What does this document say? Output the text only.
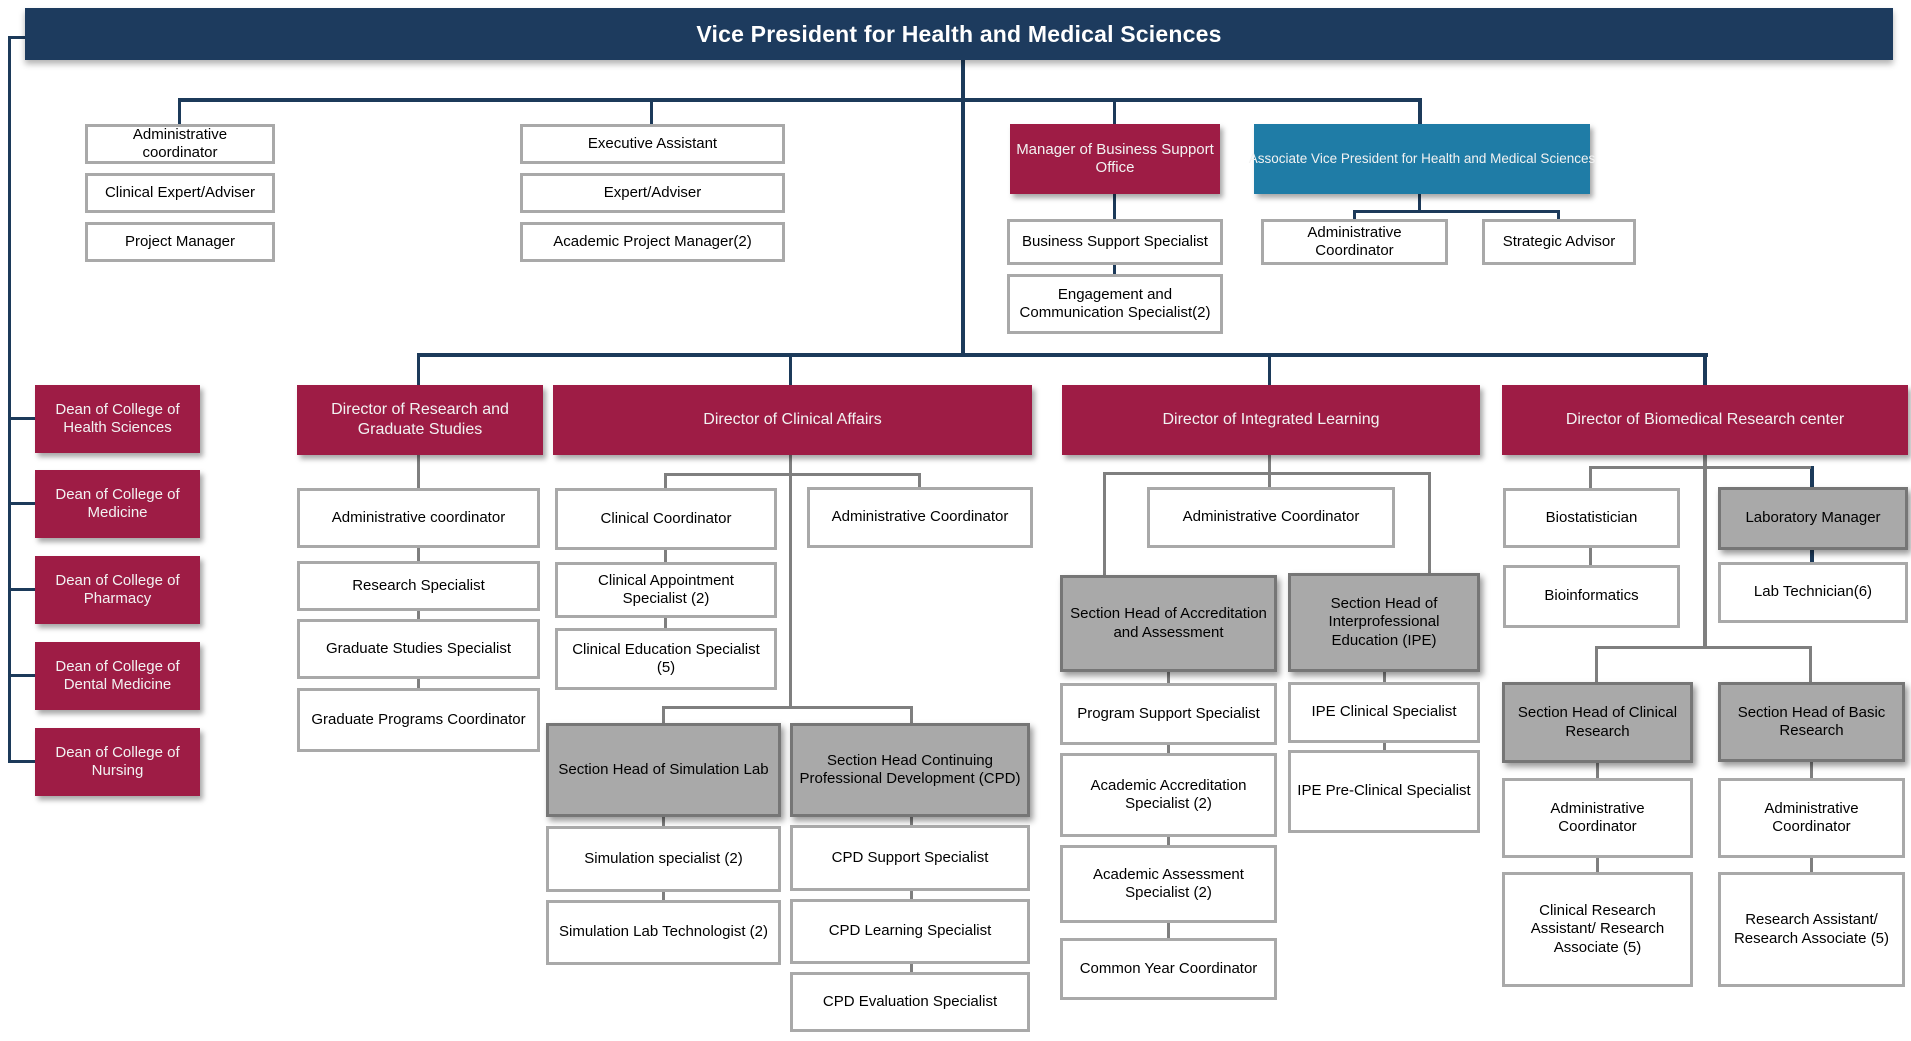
Vice President for Health and Medical Sciences
Administrative coordinator
Clinical Expert/Adviser
Project Manager
Executive Assistant
Expert/Adviser
Academic Project Manager(2)
Manager of Business Support Office
Business Support Specialist
Engagement and Communication Specialist(2)
Associate Vice President for Health and Medical Sciences
Administrative Coordinator
Strategic Advisor
Dean of College of Health Sciences
Dean of College of Medicine
Dean of College of Pharmacy
Dean of College of Dental Medicine
Dean of College of Nursing
Director of Research and Graduate Studies
Director of Clinical Affairs	Director of Integrated Learning	Director of Biomedical Research center
Administrative coordinator
Research Specialist
Graduate Studies Specialist
Graduate Programs Coordinator
Clinical Coordinator	Administrative Coordinator
Clinical Appointment Specialist (2)
Clinical Education Specialist (5)
Section Head of Simulation Lab
Section Head Continuing Professional Development (CPD)
Simulation specialist (2)
Simulation Lab Technologist (2)
CPD Support Specialist
CPD Learning Specialist
CPD Evaluation Specialist
Administrative Coordinator
Section Head of Accreditation and Assessment
Section Head of Interprofessional Education (IPE)
Program Support Specialist
Academic Accreditation Specialist (2)
Academic Assessment Specialist (2)
Common Year Coordinator
IPE Clinical Specialist
IPE Pre-Clinical Specialist
Biostatistician
Bioinformatics
Laboratory Manager
Lab Technician(6)
Section Head of Clinical Research
Section Head of Basic Research
Administrative Coordinator
Administrative Coordinator
Clinical Research Assistant/ Research Associate (5)
Research Assistant/ Research Associate (5)
